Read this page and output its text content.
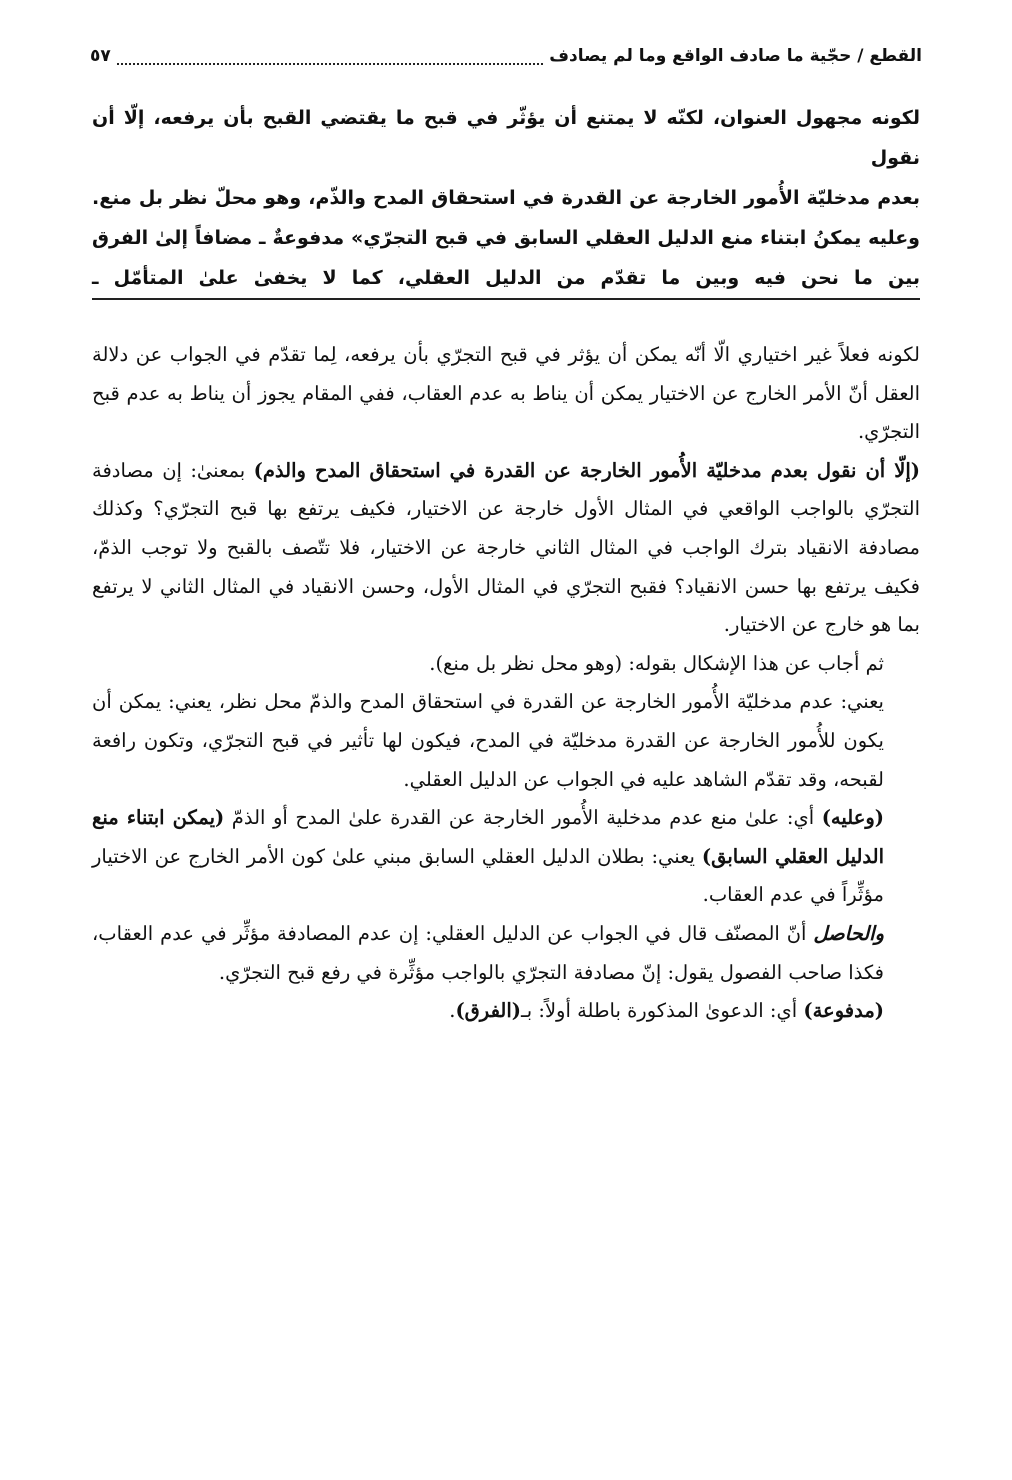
القطع / حجّية ما صادف الواقع وما لم يصادف
٥٧

لكونه مجهول العنوان، لكنّه لا يمتنع أن يؤثّر في قبح ما يقتضي القبح بأن يرفعه، إلّا أن نقول

بعدم مدخليّة الأُمور الخارجة عن القدرة في استحقاق المدح والذّم، وهو محلّ نظر بل منع.

وعليه يمكنُ ابتناء منع الدليل العقلي السابق في قبح التجرّي» مدفوعةٌ ـ مضافاً إلىٰ الفرق

بين ما نحن فيه وبين ما تقدّم من الدليل العقلي، كما لا يخفىٰ علىٰ المتأمّل ـ

لكونه فعلاً غير اختياري الّا أنّه يمكن أن يؤثر في قبح التجرّي بأن يرفعه، لِما تقدّم في الجواب عن دلالة العقل أنّ الأمر الخارج عن الاختيار يمكن أن يناط به عدم العقاب، ففي المقام يجوز أن يناط به عدم قبح التجرّي.

(إلّا أن نقول بعدم مدخليّة الأُمور الخارجة عن القدرة في استحقاق المدح والذم) بمعنىٰ: إن مصادفة التجرّي بالواجب الواقعي في المثال الأول خارجة عن الاختيار، فكيف يرتفع بها قبح التجرّي؟ وكذلك مصادفة الانقياد بترك الواجب في المثال الثاني خارجة عن الاختيار، فلا تتّصف بالقبح ولا توجب الذمّ، فكيف يرتفع بها حسن الانقياد؟ فقبح التجرّي في المثال الأول، وحسن الانقياد في المثال الثاني لا يرتفع بما هو خارج عن الاختيار.

ثم أجاب عن هذا الإشكال بقوله: (وهو محل نظر بل منع).

يعني: عدم مدخليّة الأُمور الخارجة عن القدرة في استحقاق المدح والذمّ محل نظر، يعني: يمكن أن يكون للأُمور الخارجة عن القدرة مدخليّة في المدح، فيكون لها تأثير في قبح التجرّي، وتكون رافعة لقبحه، وقد تقدّم الشاهد عليه في الجواب عن الدليل العقلي.

(وعليه) أي: علىٰ منع عدم مدخلية الأُمور الخارجة عن القدرة علىٰ المدح أو الذمّ (يمكن ابتناء منع الدليل العقلي السابق) يعني: بطلان الدليل العقلي السابق مبني علىٰ كون الأمر الخارج عن الاختيار مؤثِّراً في عدم العقاب.

والحاصل أنّ المصنّف قال في الجواب عن الدليل العقلي: إن عدم المصادفة مؤثِّر في عدم العقاب، فكذا صاحب الفصول يقول: إنّ مصادفة التجرّي بالواجب مؤثِّرة في رفع قبح التجرّي.

(مدفوعة) أي: الدعوىٰ المذكورة باطلة أولاً: بـ(الفرق).
